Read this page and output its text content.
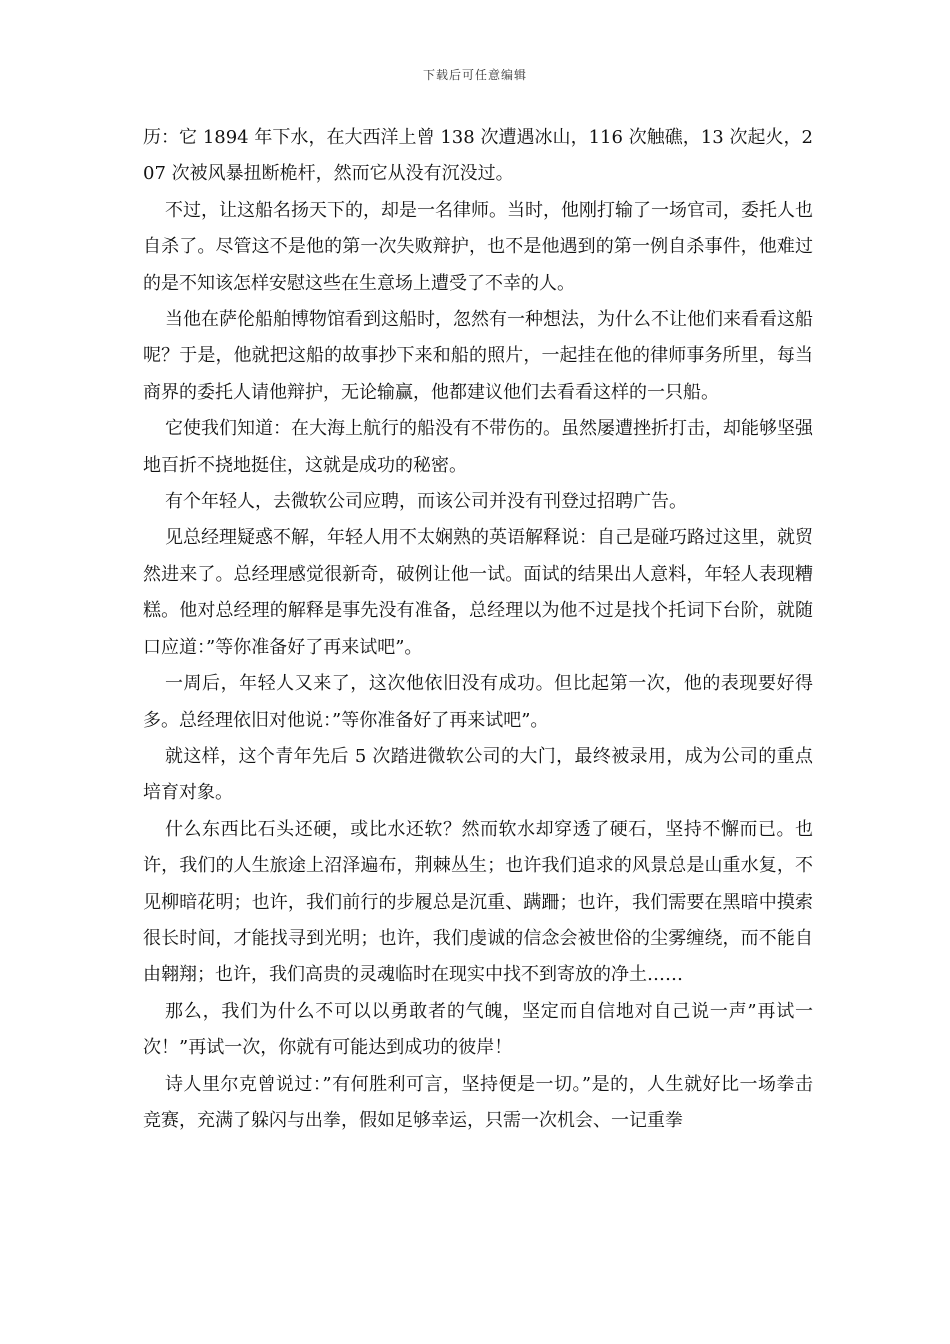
下载后可任意编辑

历：它 1894 年下水，在大西洋上曾 138 次遭遇冰山，116 次触礁，13 次起火，207 次被风暴扭断桅杆，然而它从没有沉没过。

不过，让这船名扬天下的，却是一名律师。当时，他刚打输了一场官司，委托人也自杀了。尽管这不是他的第一次失败辩护，也不是他遇到的第一例自杀事件，他难过的是不知该怎样安慰这些在生意场上遭受了不幸的人。

当他在萨伦船舶博物馆看到这船时，忽然有一种想法，为什么不让他们来看看这船呢？于是，他就把这船的故事抄下来和船的照片，一起挂在他的律师事务所里，每当商界的委托人请他辩护，无论输赢，他都建议他们去看看这样的一只船。

它使我们知道：在大海上航行的船没有不带伤的。虽然屡遭挫折打击，却能够坚强地百折不挠地挺住，这就是成功的秘密。

有个年轻人，去微软公司应聘，而该公司并没有刊登过招聘广告。

见总经理疑惑不解，年轻人用不太娴熟的英语解释说：自己是碰巧路过这里，就贸然进来了。总经理感觉很新奇，破例让他一试。面试的结果出人意料，年轻人表现糟糕。他对总经理的解释是事先没有准备，总经理以为他不过是找个托词下台阶，就随口应道：”等你准备好了再来试吧”。

一周后，年轻人又来了，这次他依旧没有成功。但比起第一次，他的表现要好得多。总经理依旧对他说：”等你准备好了再来试吧”。

就这样，这个青年先后 5 次踏进微软公司的大门，最终被录用，成为公司的重点培育对象。

什么东西比石头还硬，或比水还软？然而软水却穿透了硬石，坚持不懈而已。也许，我们的人生旅途上沼泽遍布，荆棘丛生；也许我们追求的风景总是山重水复，不见柳暗花明；也许，我们前行的步履总是沉重、蹒跚；也许，我们需要在黑暗中摸索很长时间，才能找寻到光明；也许，我们虔诚的信念会被世俗的尘雾缠绕，而不能自由翱翔；也许，我们高贵的灵魂临时在现实中找不到寄放的净土……

那么，我们为什么不可以以勇敢者的气魄，坚定而自信地对自己说一声”再试一次！”再试一次，你就有可能达到成功的彼岸！

诗人里尔克曾说过：”有何胜利可言，坚持便是一切。”是的，人生就好比一场拳击竞赛，充满了躲闪与出拳，假如足够幸运，只需一次机会、一记重拳
